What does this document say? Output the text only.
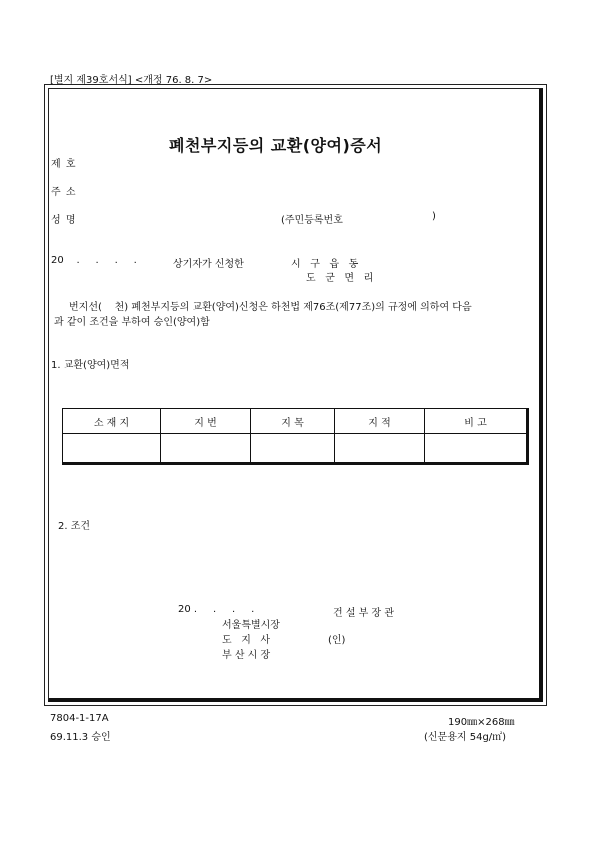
[별지 제39호서식] <개정 76. 8. 7>
폐천부지등의 교환(양여)증서
제 호
주 소
성 명	(주민등록번호	)
20    .     .     .     .	상기자가 신청한	시   구   읍   동
도   군   면   리
번지선(    천) 폐천부지등의 교환(양여)신청은 하천법 제76조(제77조)의 규정에 의하여 다음
과 같이 조건을 부하여 승인(양여)함
1. 교환(양여)면적
소 재 지	지 번	지 목	지 적	비 고

2. 조건
20 .     .     .     .	건 설 부 장 관
서울특별시장
도   지   사	(인)
부 산 시 장
7804-1-17A
69.11.3 승인
190㎜×268㎜
(신문용지 54g/㎡)
